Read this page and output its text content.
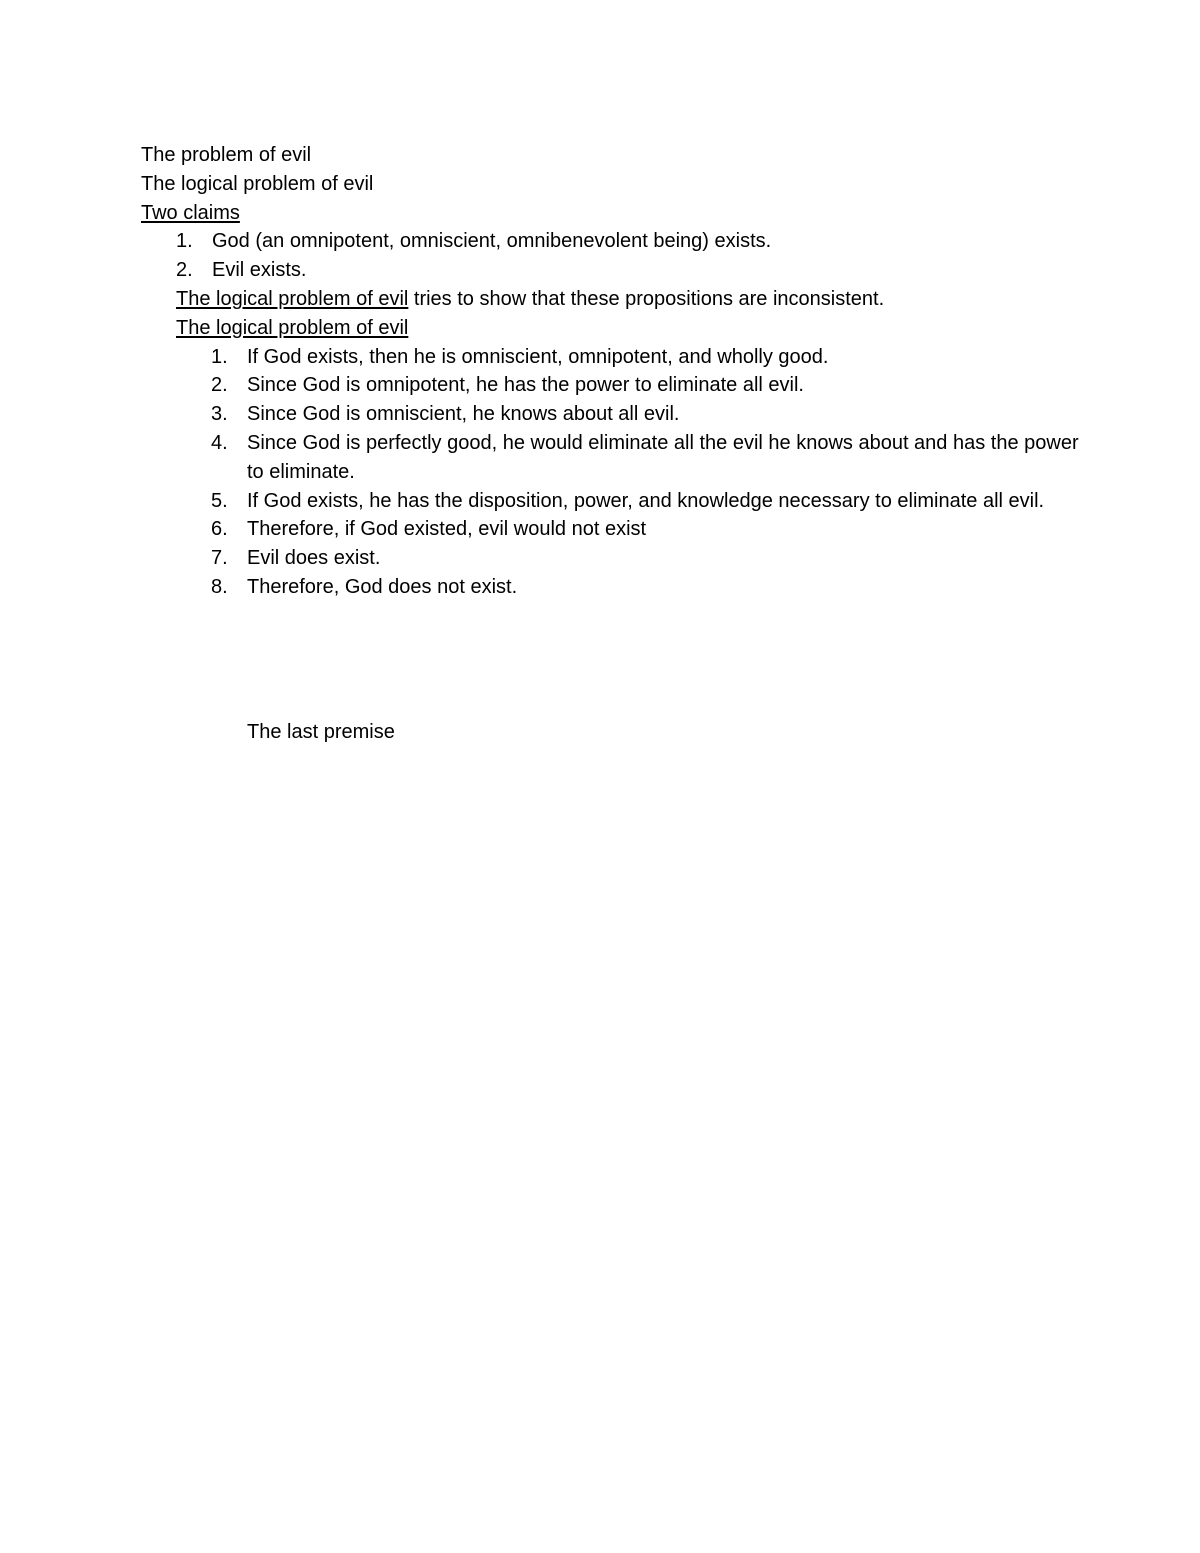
The problem of evil

The logical problem of evil

Two claims

1. God (an omnipotent, omniscient, omnibenevolent being) exists.
2. Evil exists.

The logical problem of evil tries to show that these propositions are inconsistent.

The logical problem of evil

1. If God exists, then he is omniscient, omnipotent, and wholly good.
2. Since God is omnipotent, he has the power to eliminate all evil.
3. Since God is omniscient, he knows about all evil.
4. Since God is perfectly good, he would eliminate all the evil he knows about and has the power to eliminate.
5. If God exists, he has the disposition, power, and knowledge necessary to eliminate all evil.
6. Therefore, if God existed, evil would not exist
7. Evil does exist.
8. Therefore, God does not exist.

The last premise
